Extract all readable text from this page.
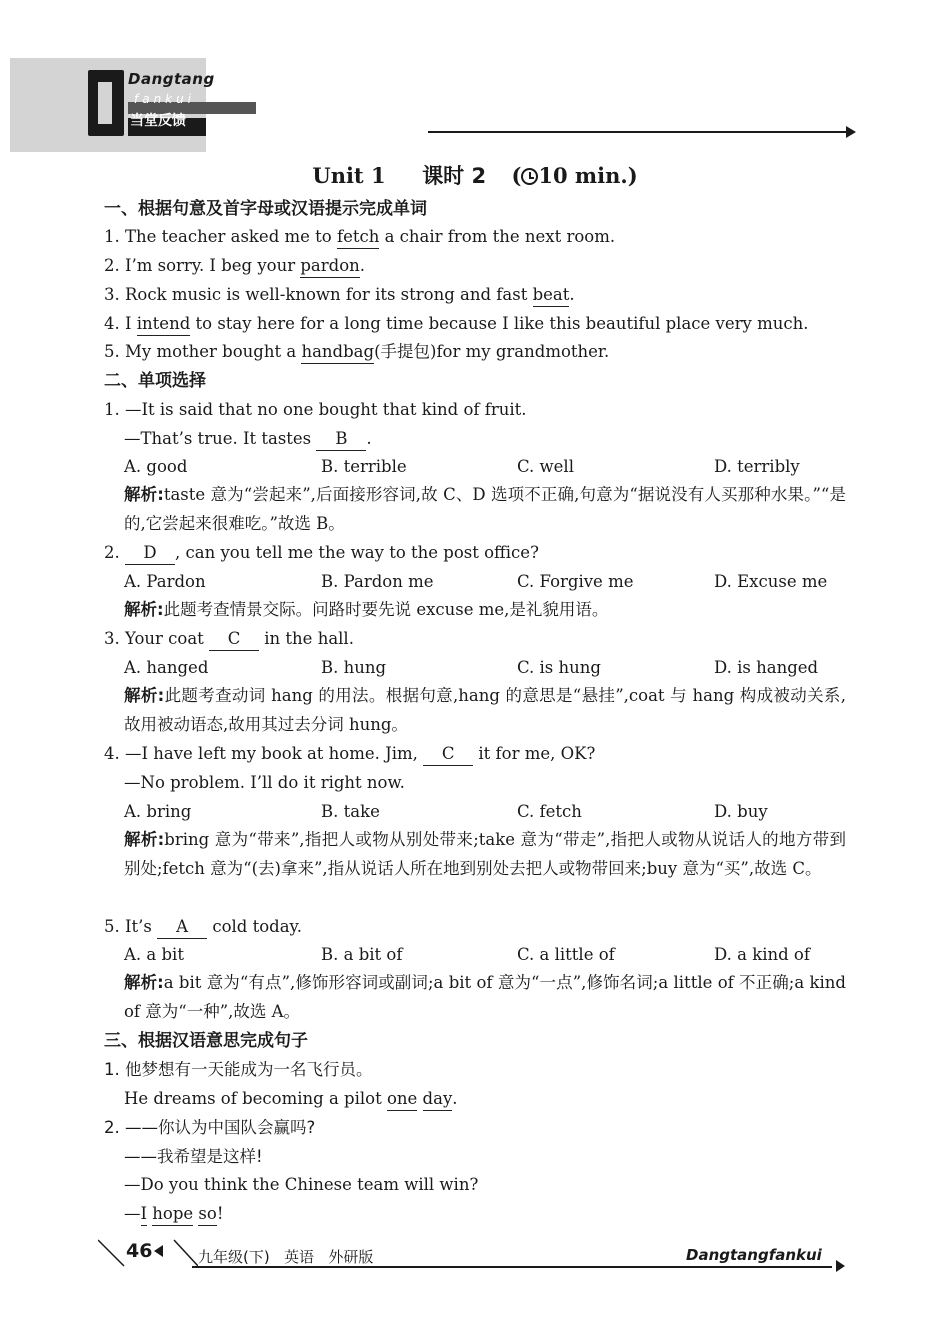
Dangtang
fankui
当堂反馈
Unit 1 课时 2 ( 10 min.)
一、根据句意及首字母或汉语提示完成单词
1. The teacher asked me to fetch a chair from the next room.
2. I’m sorry. I beg your pardon.
3. Rock music is well-known for its strong and fast beat.
4. I intend to stay here for a long time because I like this beautiful place very much.
5. My mother bought a handbag(手提包)for my grandmother.
二、单项选择
1. —It is said that no one bought that kind of fruit.
—That’s true. It tastes B .
A. good	B. terrible	C. well	D. terribly
解析:taste 意为“尝起来”,后面接形容词,故 C、D 选项不正确,句意为“据说没有人买那种水果。”“是的,它尝起来很难吃。”故选 B。
2. D , can you tell me the way to the post office?
A. Pardon	B. Pardon me	C. Forgive me	D. Excuse me
解析:此题考查情景交际。问路时要先说 excuse me,是礼貌用语。
3. Your coat C in the hall.
A. hanged	B. hung	C. is hung	D. is hanged
解析:此题考查动词 hang 的用法。根据句意,hang 的意思是“悬挂”,coat 与 hang 构成被动关系,故用被动语态,故用其过去分词 hung。
4. —I have left my book at home. Jim, C it for me, OK?
—No problem. I’ll do it right now.
A. bring	B. take	C. fetch	D. buy
解析:bring 意为“带来”,指把人或物从别处带来;take 意为“带走”,指把人或物从说话人的地方带到别处;fetch 意为“(去)拿来”,指从说话人所在地到别处去把人或物带回来;buy 意为“买”,故选 C。
5. It’s A cold today.
A. a bit	B. a bit of	C. a little of	D. a kind of
解析:a bit 意为“有点”,修饰形容词或副词;a bit of 意为“一点”,修饰名词;a little of 不正确;a kind of 意为“一种”,故选 A。
三、根据汉语意思完成句子
1. 他梦想有一天能成为一名飞行员。
He dreams of becoming a pilot one day.
2. ——你认为中国队会赢吗?
——我希望是这样!
—Do you think the Chinese team will win?
—I hope so!
46	九年级(下)   英语   外研版	Dangtangfankui
